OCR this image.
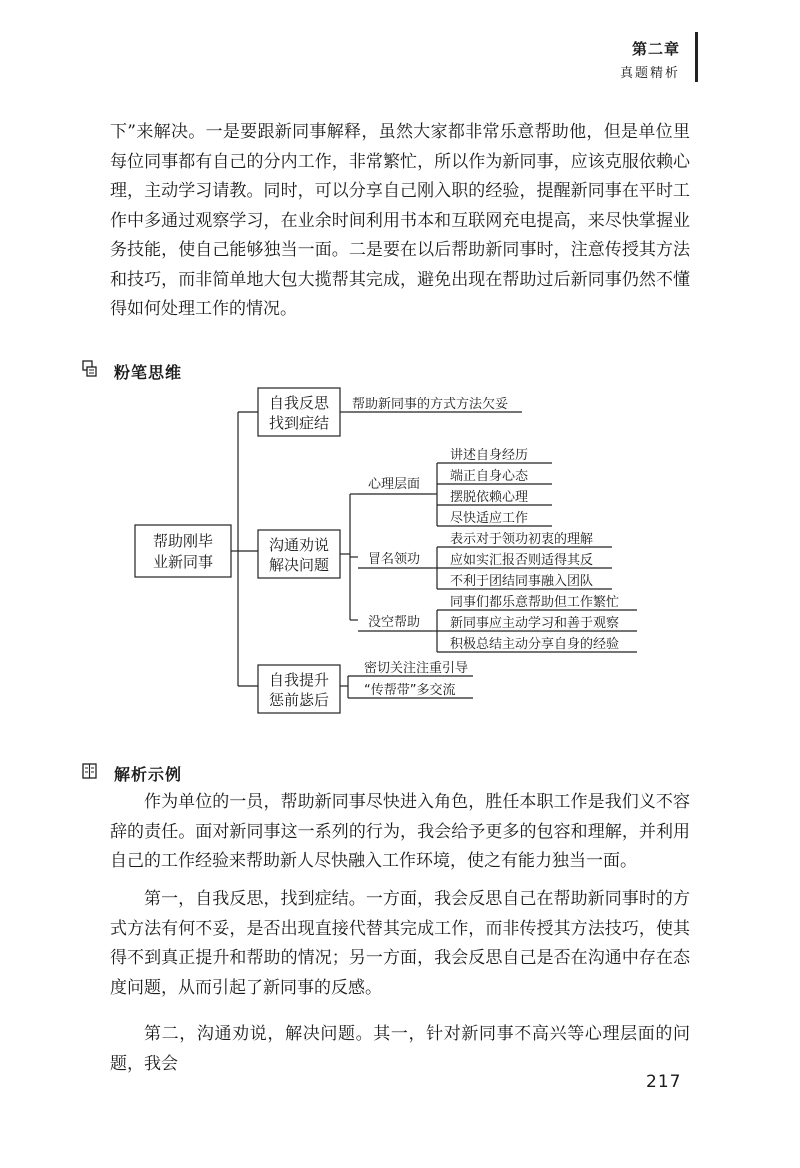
第二章
真题精析
下”来解决。一是要跟新同事解释，虽然大家都非常乐意帮助他，但是单位里每位同事都有自己的分内工作，非常繁忙，所以作为新同事，应该克服依赖心理，主动学习请教。同时，可以分享自己刚入职的经验，提醒新同事在平时工作中多通过观察学习，在业余时间利用书本和互联网充电提高，来尽快掌握业务技能，使自己能够独当一面。二是要在以后帮助新同事时，注意传授其方法和技巧，而非简单地大包大揽帮其完成，避免出现在帮助过后新同事仍然不懂得如何处理工作的情况。
粉笔思维
帮助刚毕
业新同事
自我反思
找到症结
帮助新同事的方式方法欠妥
沟通劝说
解决问题
心理层面
讲述自身经历
端正自身心态
摆脱依赖心理
尽快适应工作
冒名领功
表示对于领功初衷的理解
应如实汇报否则适得其反
不利于团结同事融入团队
没空帮助
同事们都乐意帮助但工作繁忙
新同事应主动学习和善于观察
积极总结主动分享自身的经验
自我提升
惩前毖后
密切关注注重引导
“传帮带”多交流
解析示例
作为单位的一员，帮助新同事尽快进入角色，胜任本职工作是我们义不容辞的责任。面对新同事这一系列的行为，我会给予更多的包容和理解，并利用自己的工作经验来帮助新人尽快融入工作环境，使之有能力独当一面。
第一，自我反思，找到症结。一方面，我会反思自己在帮助新同事时的方式方法有何不妥，是否出现直接代替其完成工作，而非传授其方法技巧，使其得不到真正提升和帮助的情况；另一方面，我会反思自己是否在沟通中存在态度问题，从而引起了新同事的反感。
第二，沟通劝说，解决问题。其一，针对新同事不高兴等心理层面的问题，我会
217
